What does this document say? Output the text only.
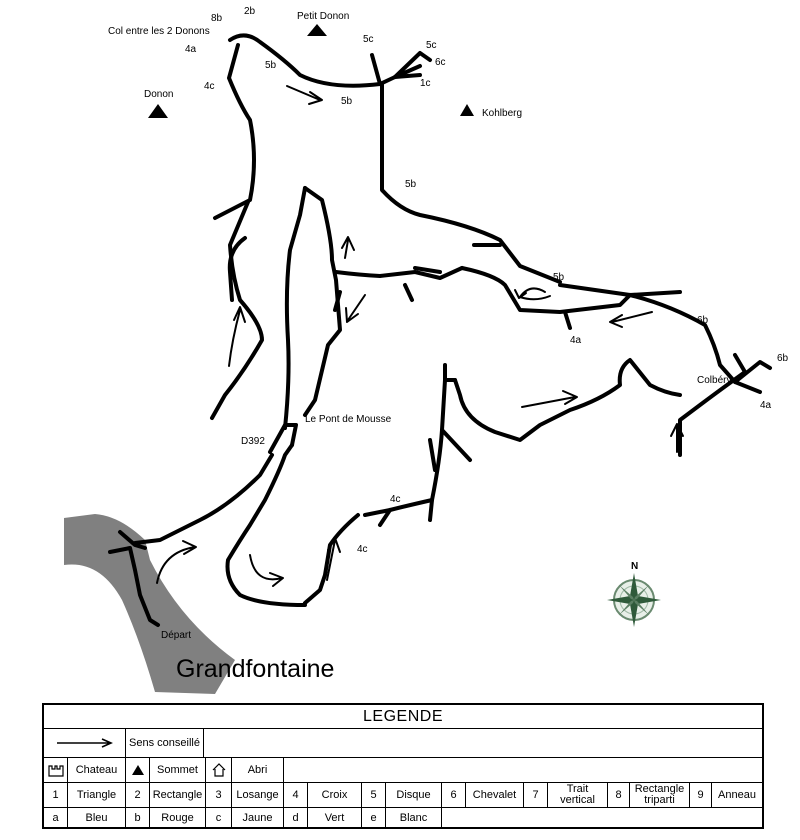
Petit Donon
Donon
Kohlberg
Col entre les 2 Donons
Le Pont de Mousse
D392
Colbéry
Départ
Grandfontaine
8b
2b
4a
4c
5b
5b
5c
5c
6c
1c
5b
5b
4a
6b
6b
4a
4c
4c
N
LEGENDE
Sens conseillé
Chateau	Sommet	Abri
1	Triangle	2	Rectangle	3	Losange	4	Croix	5	Disque	6	Chevalet	7	Trait vertical	8	Rectangle triparti	9	Anneau
a	Bleu	b	Rouge	c	Jaune	d	Vert	e	Blanc
